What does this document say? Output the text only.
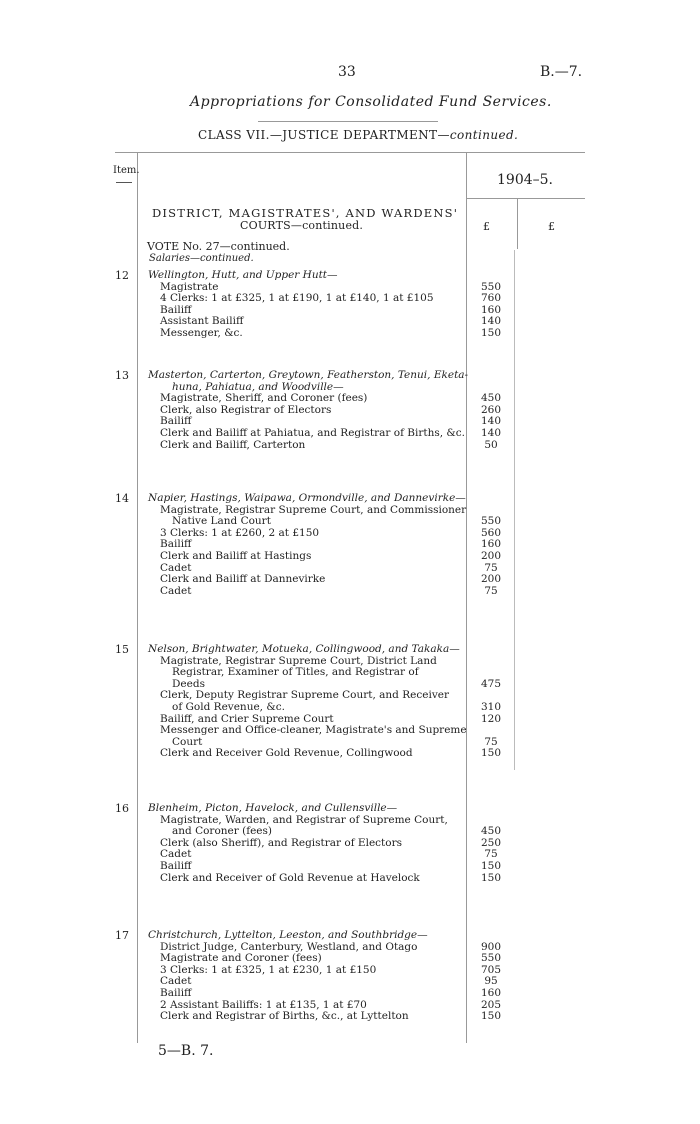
33	B.—7.
Appropriations for Consolidated Fund Services.
CLASS VII.—JUSTICE DEPARTMENT—continued.
Item.
1904–5.
£	£
DISTRICT, MAGISTRATES', AND WARDENS'
COURTS—continued.
VOTE No. 27—continued.
Salaries—continued.
12 Wellington, Hutt, and Upper Hutt—
Magistrate	550
4 Clerks: 1 at £325, 1 at £190, 1 at £140, 1 at £105	760
Bailiff	160
Assistant Bailiff	140
Messenger, &c.	150
13 Masterton, Carterton, Greytown, Featherston, Tenui, Eketa-
huna, Pahiatua, and Woodville—
Magistrate, Sheriff, and Coroner (fees)	450
Clerk, also Registrar of Electors	260
Bailiff	140
Clerk and Bailiff at Pahiatua, and Registrar of Births, &c.	140
Clerk and Bailiff, Carterton	50
14 Napier, Hastings, Waipawa, Ormondville, and Dannevirke—
Magistrate, Registrar Supreme Court, and Commissioner
Native Land Court	550
3 Clerks: 1 at £260, 2 at £150	560
Bailiff	160
Clerk and Bailiff at Hastings	200
Cadet	75
Clerk and Bailiff at Dannevirke	200
Cadet	75
15 Nelson, Brightwater, Motueka, Collingwood, and Takaka—
Magistrate, Registrar Supreme Court, District Land
Registrar, Examiner of Titles, and Registrar of
Deeds	475
Clerk, Deputy Registrar Supreme Court, and Receiver
of Gold Revenue, &c.	310
Bailiff, and Crier Supreme Court	120
Messenger and Office-cleaner, Magistrate's and Supreme
Court	75
Clerk and Receiver Gold Revenue, Collingwood	150
16 Blenheim, Picton, Havelock, and Cullensville—
Magistrate, Warden, and Registrar of Supreme Court,
and Coroner (fees)	450
Clerk (also Sheriff), and Registrar of Electors	250
Cadet	75
Bailiff	150
Clerk and Receiver of Gold Revenue at Havelock	150
17 Christchurch, Lyttelton, Leeston, and Southbridge—
District Judge, Canterbury, Westland, and Otago	900
Magistrate and Coroner (fees)	550
3 Clerks: 1 at £325, 1 at £230, 1 at £150	705
Cadet	95
Bailiff	160
2 Assistant Bailiffs: 1 at £135, 1 at £70	205
Clerk and Registrar of Births, &c., at Lyttelton	150
5—B. 7.
